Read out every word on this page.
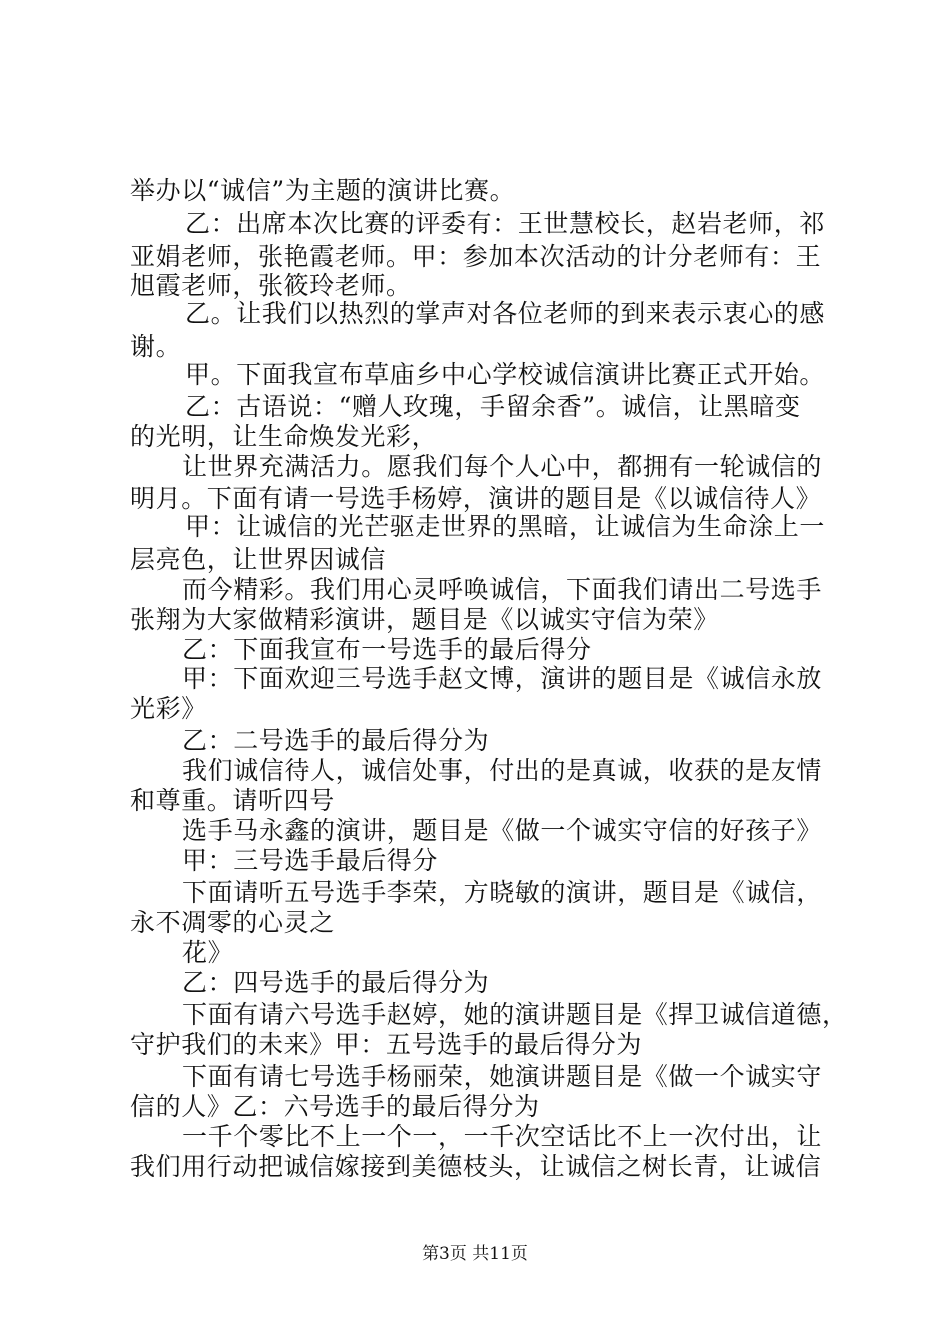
举办以“诚信”为主题的演讲比赛。
乙：出席本次比赛的评委有：王世慧校长，赵岩老师，祁
亚娟老师，张艳霞老师。甲：参加本次活动的计分老师有：王
旭霞老师，张筱玲老师。
乙。让我们以热烈的掌声对各位老师的到来表示衷心的感
谢。
甲。下面我宣布草庙乡中心学校诚信演讲比赛正式开始。
乙：古语说：“赠人玫瑰，手留余香”。诚信，让黑暗变
的光明，让生命焕发光彩，
让世界充满活力。愿我们每个人心中，都拥有一轮诚信的
明月。下面有请一号选手杨婷，演讲的题目是《以诚信待人》
甲：让诚信的光芒驱走世界的黑暗，让诚信为生命涂上一
层亮色，让世界因诚信
而今精彩。我们用心灵呼唤诚信，下面我们请出二号选手
张翔为大家做精彩演讲，题目是《以诚实守信为荣》
乙：下面我宣布一号选手的最后得分
甲：下面欢迎三号选手赵文博，演讲的题目是《诚信永放
光彩》
乙：二号选手的最后得分为
我们诚信待人，诚信处事，付出的是真诚，收获的是友情
和尊重。请听四号
选手马永鑫的演讲，题目是《做一个诚实守信的好孩子》
甲：三号选手最后得分
下面请听五号选手李荣，方晓敏的演讲，题目是《诚信，
永不凋零的心灵之
花》
乙：四号选手的最后得分为
下面有请六号选手赵婷，她的演讲题目是《捍卫诚信道德，
守护我们的未来》甲：五号选手的最后得分为
下面有请七号选手杨丽荣，她演讲题目是《做一个诚实守
信的人》乙：六号选手的最后得分为
一千个零比不上一个一，一千次空话比不上一次付出，让
我们用行动把诚信嫁接到美德枝头，让诚信之树长青，让诚信
第3页 共11页
